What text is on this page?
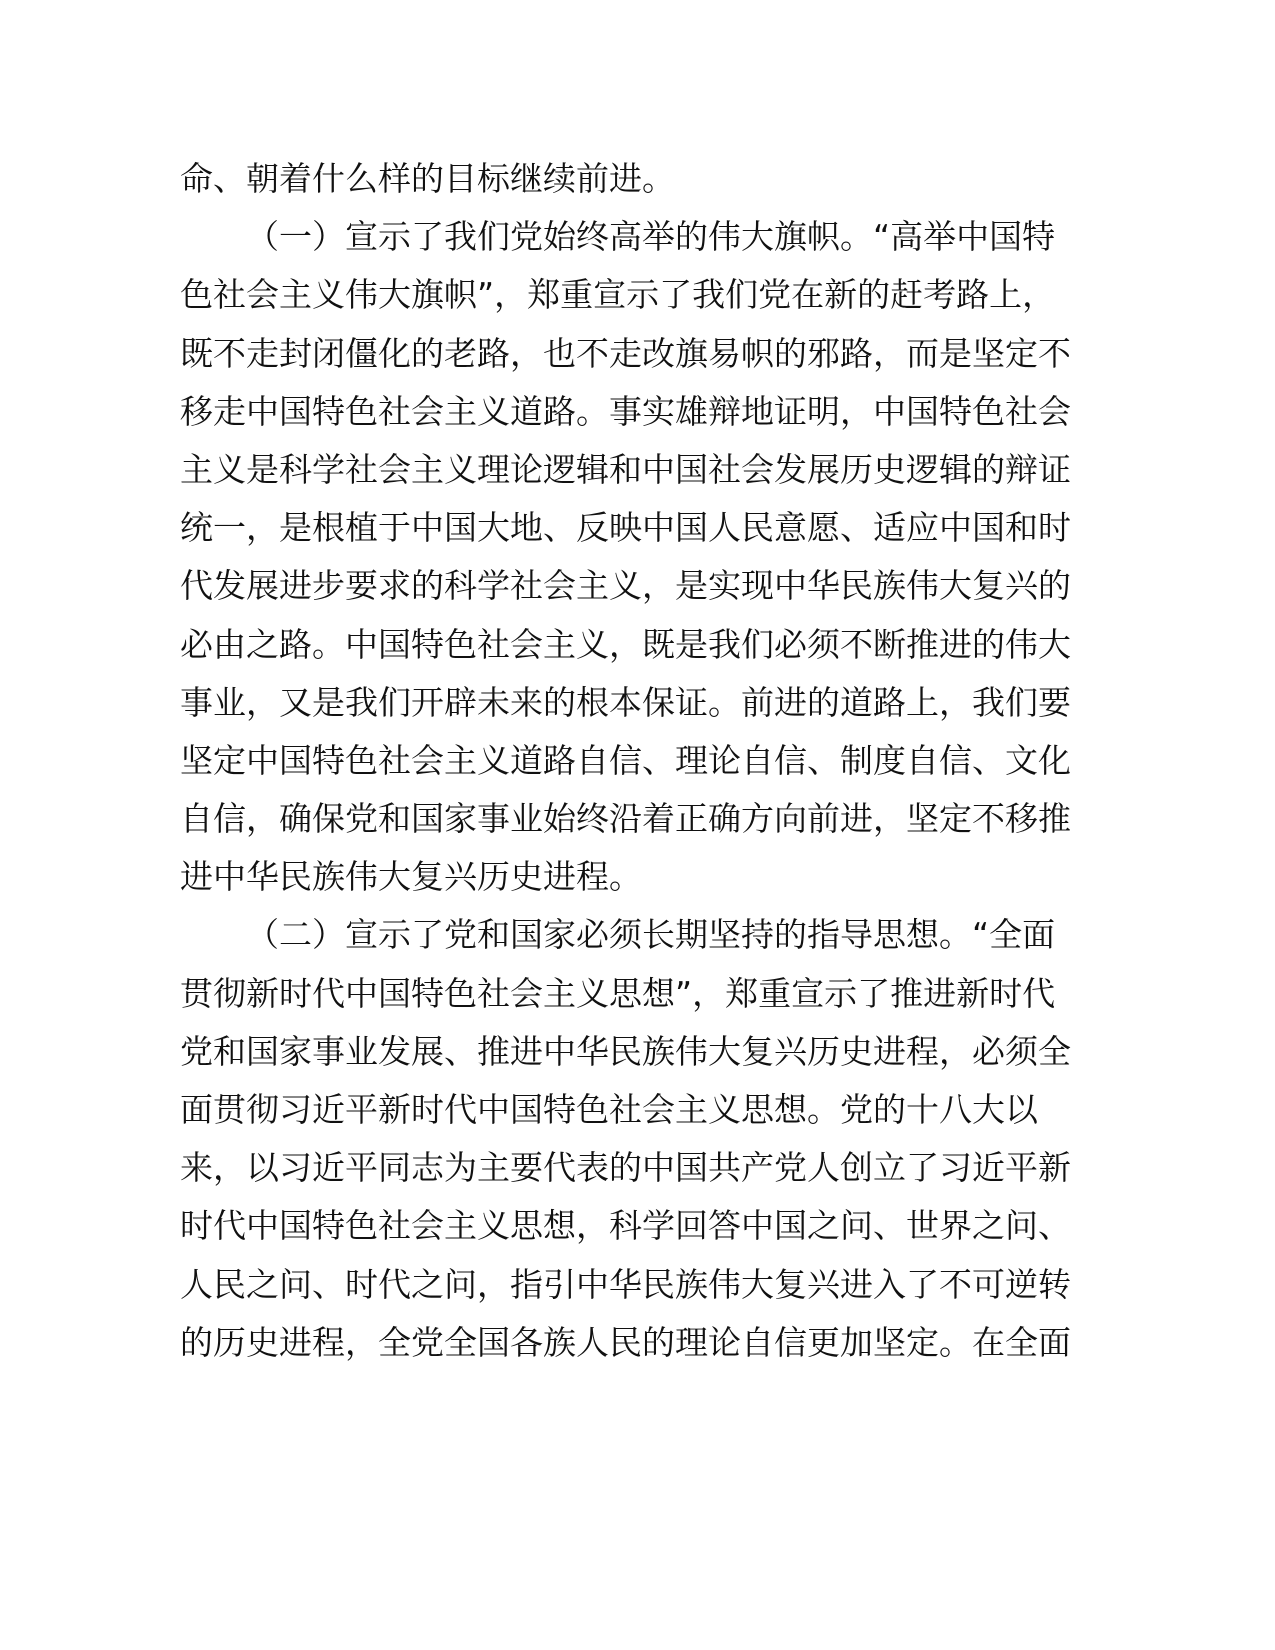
命、朝着什么样的目标继续前进。

（一）宣示了我们党始终高举的伟大旗帜。“高举中国特
色社会主义伟大旗帜”，郑重宣示了我们党在新的赶考路上，
既不走封闭僵化的老路，也不走改旗易帜的邪路，而是坚定不
移走中国特色社会主义道路。事实雄辩地证明，中国特色社会
主义是科学社会主义理论逻辑和中国社会发展历史逻辑的辩证
统一，是根植于中国大地、反映中国人民意愿、适应中国和时
代发展进步要求的科学社会主义，是实现中华民族伟大复兴的
必由之路。中国特色社会主义，既是我们必须不断推进的伟大
事业，又是我们开辟未来的根本保证。前进的道路上，我们要
坚定中国特色社会主义道路自信、理论自信、制度自信、文化
自信，确保党和国家事业始终沿着正确方向前进，坚定不移推
进中华民族伟大复兴历史进程。

（二）宣示了党和国家必须长期坚持的指导思想。“全面
贯彻新时代中国特色社会主义思想”，郑重宣示了推进新时代
党和国家事业发展、推进中华民族伟大复兴历史进程，必须全
面贯彻习近平新时代中国特色社会主义思想。党的十八大以
来，以习近平同志为主要代表的中国共产党人创立了习近平新
时代中国特色社会主义思想，科学回答中国之问、世界之问、
人民之问、时代之问，指引中华民族伟大复兴进入了不可逆转
的历史进程，全党全国各族人民的理论自信更加坚定。在全面
